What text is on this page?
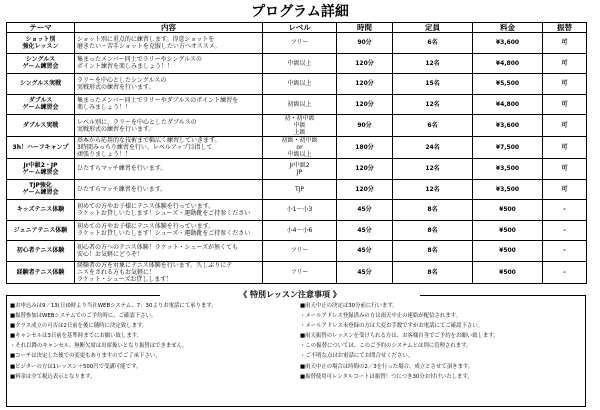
プログラム詳細
テーマ	内容	レベル	時間	定員	料金	振替
ショット別
強化レッスン	ショット別に重点的に練習します。得意ショットを
磨きたい・苦手ショットを克服したい方へオススメ。	フリー	90分	6名	¥3,600	可
シングルス
ゲーム練習会	集まったメンバー同士でラリーやシングルスの
ポイント練習を楽しみましょう！！	中級以上	120分	12名	¥4,800	可
シングルス実戦	ラリーを中心としたシングルスの
実戦形式の練習を行います。	中級以上	120分	15名	¥5,500	可
ダブルス
ゲーム練習会	集まったメンバー同士でラリーやダブルスのポイント練習を
楽しみましょう！！	初級以上	120分	12名	¥4,800	可
ダブルス実戦	レベル別に、ラリーを中心としたダブルスの
実戦形式の練習を行います。	初・初中級
中級
上級	90分	6名	¥3,600	可
3h！ハーフキャンプ	基本から応用的な技術まで幅広く練習していきます。
3時間みっちり練習を行い、レベルアップ目指して
頑張りましょう！！	初級・初中級
or
中級以上	180分	24名	¥7,500	可
Jr中級2・JP
ゲーム練習会	ひたすらマッチ練習を行います。	Jr中級2
JP	120分	12名	¥3,500	可
TJP強化
ゲーム練習会	ひたすらマッチ練習を行います。	TJP	120分	12名	¥3,500	可
キッズテニス体験	初めての方やお子様にテニス体験を行っています。
ラケットお貸しいたします！シューズ・運動靴をご持参ください	小1〜小3	45分	8名	¥500	-
ジュニアテニス体験	初めての方やお子様にテニス体験を行っています。
ラケットお貸しいたします！シューズ・運動靴をご持参ください	小4〜小6	45分	8名	¥500	-
初心者テニス体験	初心者の方へのテニス体験！ラケット・シューズが無くても
安心！お気軽にどうぞ！	フリー	45分	8名	¥500	-
経験者テニス体験	経験者の方を対象にテニス体験を行います。久しぶりにテ
ニスをされる方もお気軽に！
ラケット・シューズお貸しします！	フリー	45分	8名	¥500	-
《 特別レッスン注意事項 》
■お申込みは9／13(日)0時より当社WEBシステム、7：30よりお電話にて承ります。
■振替参加はWEBシステムでのご予約時に、ご確認下さい。
■クラス成立の可否は2日前を後に随時に決定致します。
■キャンセルは3日前を基準時までにお願い致します。
・それ以降のキャンセル、無断欠席は出席扱いとなり振替はできません。
■コーチは決定した後での変更もありますのでご了承下さい。
■ビジターの方は1レッスン＋500円で受講可能です。
■料金は全て税込表示となります。
■雨天中止の決定は30分前に行います。
・メールアドレス登録済みの方は雨天中止の連絡が配信されます。
・メールアドレス未登録の方は大変お手数ですがお電話にてご確認下さい。
■雨天振替のレッスンを受けられる方は、お客様自身でご予約をお願い致します。
・この振替については、このご予約のシステムとは別に管理されます。
・ご不明な点はお電話にてお問合せください。
■雨天中止の場合は時間の2／3を行った場合、成立とさせて頂きます。
■振替使用可レンタルコートは振替！つにつき30分お付けいたします。
